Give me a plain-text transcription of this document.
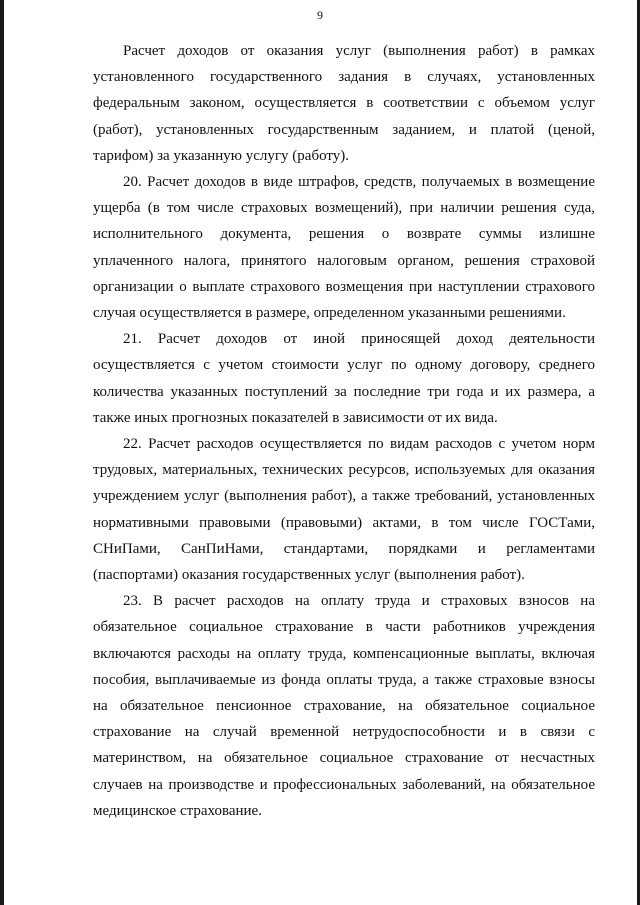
9

Расчет доходов от оказания услуг (выполнения работ) в рамках установленного государственного задания в случаях, установленных федеральным законом, осуществляется в соответствии с объемом услуг (работ), установленных государственным заданием, и платой (ценой, тарифом) за указанную услугу (работу).

20. Расчет доходов в виде штрафов, средств, получаемых в возмещение ущерба (в том числе страховых возмещений), при наличии решения суда, исполнительного документа, решения о возврате суммы излишне уплаченного налога, принятого налоговым органом, решения страховой организации о выплате страхового возмещения при наступлении страхового случая осуществляется в размере, определенном указанными решениями.

21. Расчет доходов от иной приносящей доход деятельности осуществляется с учетом стоимости услуг по одному договору, среднего количества указанных поступлений за последние три года и их размера, а также иных прогнозных показателей в зависимости от их вида.

22. Расчет расходов осуществляется по видам расходов с учетом норм трудовых, материальных, технических ресурсов, используемых для оказания учреждением услуг (выполнения работ), а также требований, установленных нормативными правовыми (правовыми) актами, в том числе ГОСТами, СНиПами, СанПиНами, стандартами, порядками и регламентами (паспортами) оказания государственных услуг (выполнения работ).

23. В расчет расходов на оплату труда и страховых взносов на обязательное социальное страхование в части работников учреждения включаются расходы на оплату труда, компенсационные выплаты, включая пособия, выплачиваемые из фонда оплаты труда, а также страховые взносы на обязательное пенсионное страхование, на обязательное социальное страхование на случай временной нетрудоспособности и в связи с материнством, на обязательное социальное страхование от несчастных случаев на производстве и профессиональных заболеваний, на обязательное медицинское страхование.
